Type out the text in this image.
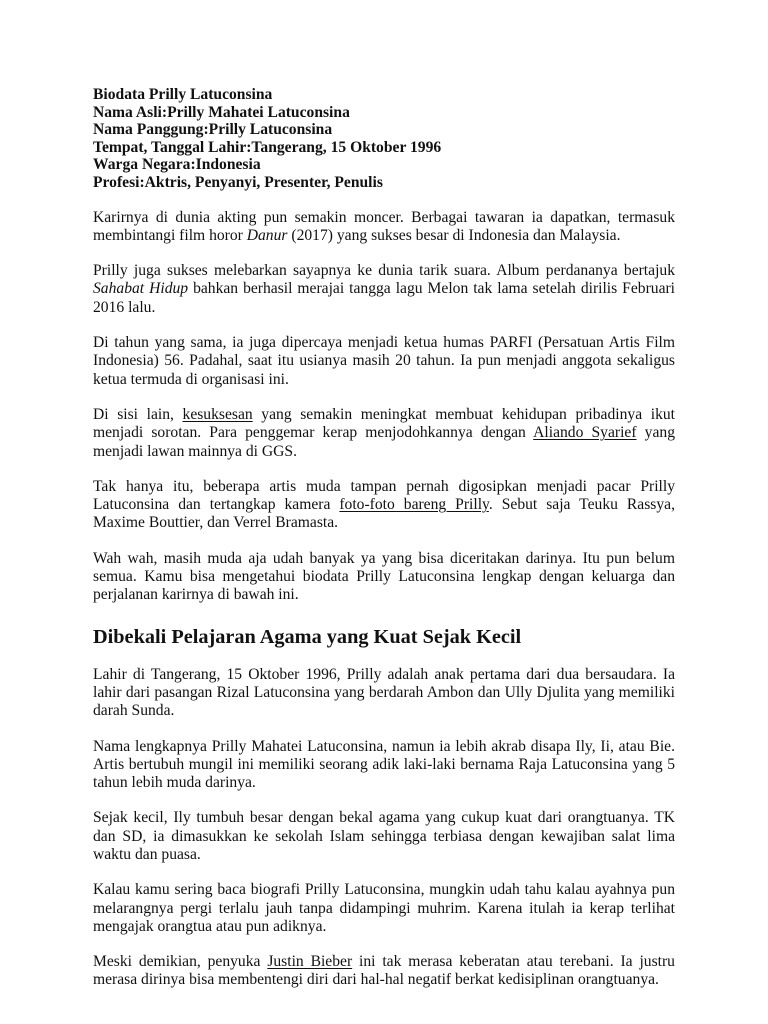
Biodata Prilly Latuconsina
Nama Asli:Prilly Mahatei Latuconsina
Nama Panggung:Prilly Latuconsina
Tempat, Tanggal Lahir:Tangerang, 15 Oktober 1996
Warga Negara:Indonesia
Profesi:Aktris, Penyanyi, Presenter, Penulis

Karirnya di dunia akting pun semakin moncer. Berbagai tawaran ia dapatkan, termasuk membintangi film horor Danur (2017) yang sukses besar di Indonesia dan Malaysia.

Prilly juga sukses melebarkan sayapnya ke dunia tarik suara. Album perdananya bertajuk Sahabat Hidup bahkan berhasil merajai tangga lagu Melon tak lama setelah dirilis Februari 2016 lalu.

Di tahun yang sama, ia juga dipercaya menjadi ketua humas PARFI (Persatuan Artis Film Indonesia) 56. Padahal, saat itu usianya masih 20 tahun. Ia pun menjadi anggota sekaligus ketua termuda di organisasi ini.

Di sisi lain, kesuksesan yang semakin meningkat membuat kehidupan pribadinya ikut menjadi sorotan. Para penggemar kerap menjodohkannya dengan Aliando Syarief yang menjadi lawan mainnya di GGS.

Tak hanya itu, beberapa artis muda tampan pernah digosipkan menjadi pacar Prilly Latuconsina dan tertangkap kamera foto-foto bareng Prilly. Sebut saja Teuku Rassya, Maxime Bouttier, dan Verrel Bramasta.

Wah wah, masih muda aja udah banyak ya yang bisa diceritakan darinya. Itu pun belum semua. Kamu bisa mengetahui biodata Prilly Latuconsina lengkap dengan keluarga dan perjalanan karirnya di bawah ini.

Dibekali Pelajaran Agama yang Kuat Sejak Kecil

Lahir di Tangerang, 15 Oktober 1996, Prilly adalah anak pertama dari dua bersaudara. Ia lahir dari pasangan Rizal Latuconsina yang berdarah Ambon dan Ully Djulita yang memiliki darah Sunda.

Nama lengkapnya Prilly Mahatei Latuconsina, namun ia lebih akrab disapa Ily, Ii, atau Bie. Artis bertubuh mungil ini memiliki seorang adik laki-laki bernama Raja Latuconsina yang 5 tahun lebih muda darinya.

Sejak kecil, Ily tumbuh besar dengan bekal agama yang cukup kuat dari orangtuanya. TK dan SD, ia dimasukkan ke sekolah Islam sehingga terbiasa dengan kewajiban salat lima waktu dan puasa.

Kalau kamu sering baca biografi Prilly Latuconsina, mungkin udah tahu kalau ayahnya pun melarangnya pergi terlalu jauh tanpa didampingi muhrim. Karena itulah ia kerap terlihat mengajak orangtua atau pun adiknya.

Meski demikian, penyuka Justin Bieber ini tak merasa keberatan atau terebani. Ia justru merasa dirinya bisa membentengi diri dari hal-hal negatif berkat kedisiplinan orangtuanya.
